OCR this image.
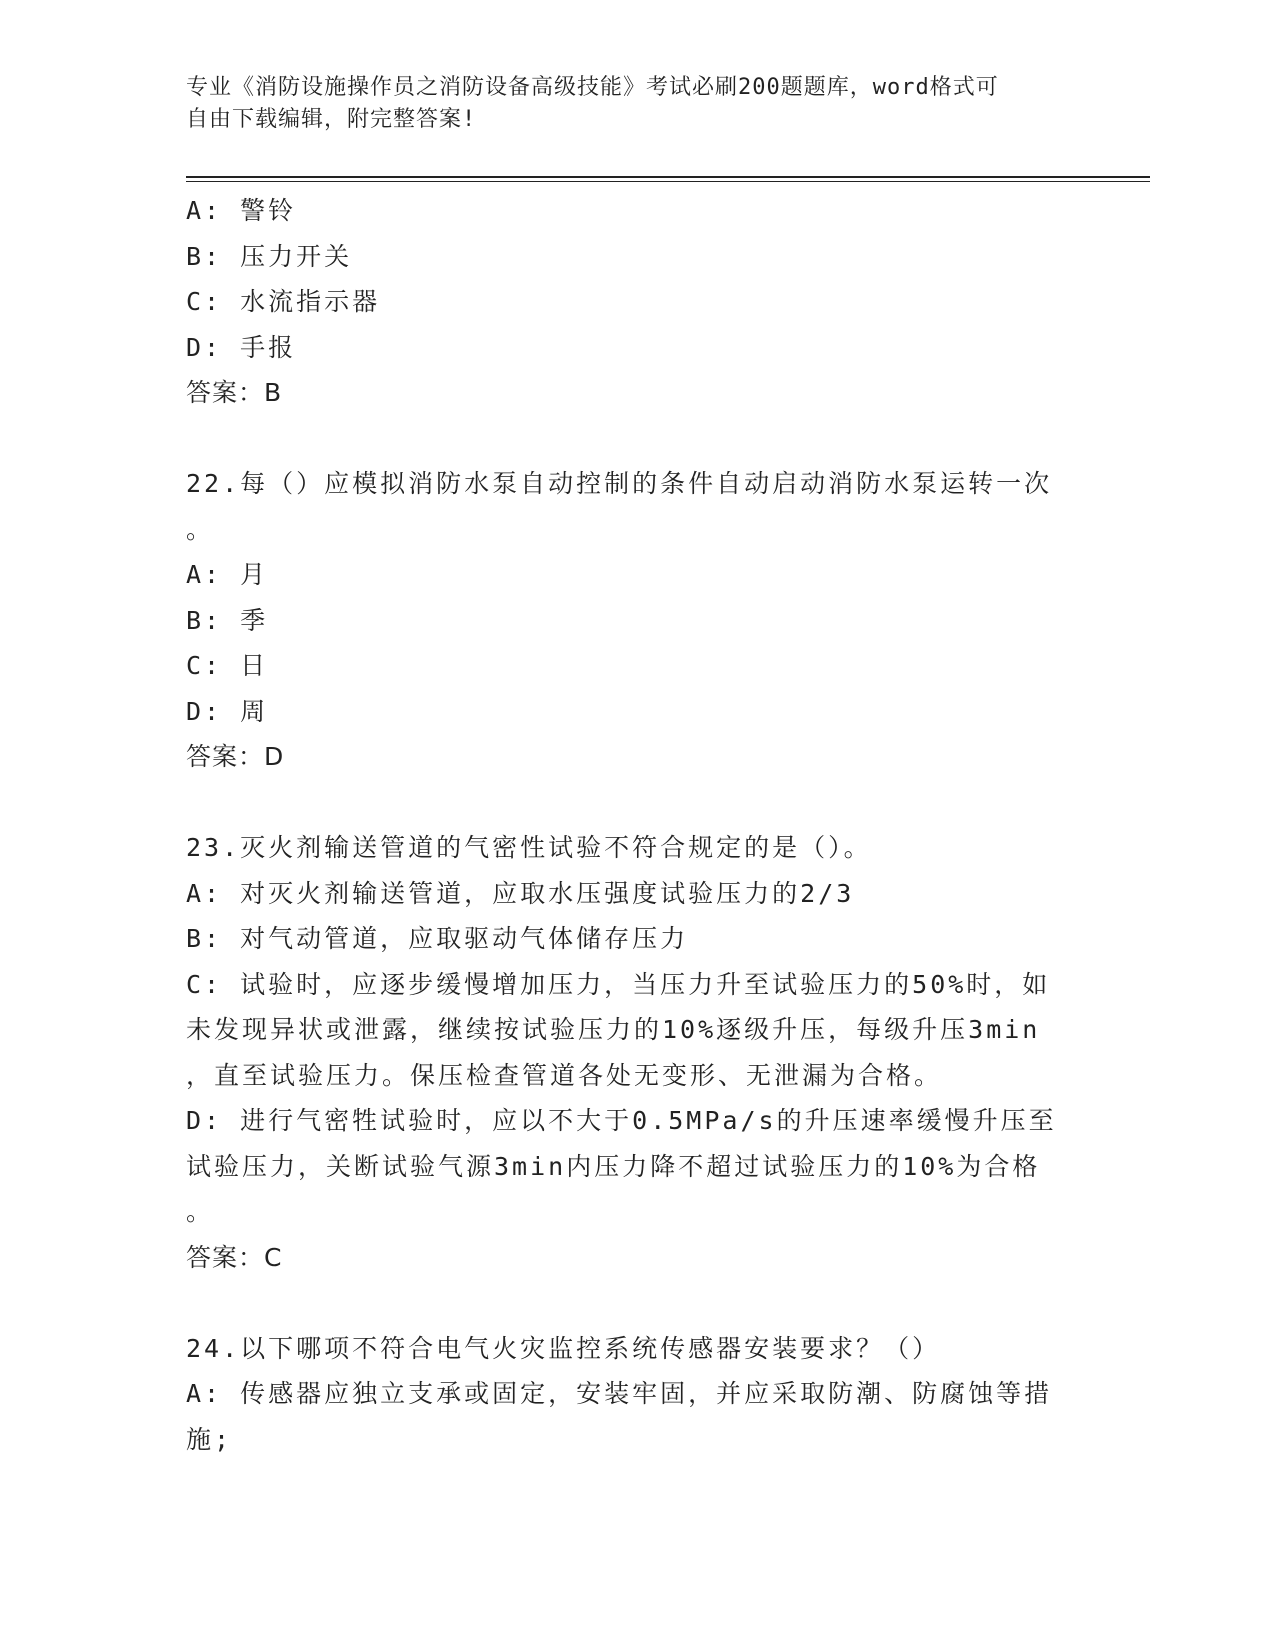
专业《消防设施操作员之消防设备高级技能》考试必刷200题题库，word格式可
自由下载编辑，附完整答案!
A: 警铃
B: 压力开关
C: 水流指示器
D: 手报
答案：B
22.每（）应模拟消防水泵自动控制的条件自动启动消防水泵运转一次
。
A: 月
B: 季
C: 日
D: 周
答案：D
23.灭火剂输送管道的气密性试验不符合规定的是（）。
A: 对灭火剂输送管道，应取水压强度试验压力的2/3
B: 对气动管道，应取驱动气体储存压力
C: 试验时，应逐步缓慢增加压力，当压力升至试验压力的50%时，如
未发现异状或泄露，继续按试验压力的10%逐级升压，每级升压3min
，直至试验压力。保压检查管道各处无变形、无泄漏为合格。
D: 进行气密牲试验时，应以不大于0.5MPa/s的升压速率缓慢升压至
试验压力，关断试验气源3min内压力降不超过试验压力的10%为合格
。
答案：C
24.以下哪项不符合电气火灾监控系统传感器安装要求？（）
A: 传感器应独立支承或固定，安装牢固，并应采取防潮、防腐蚀等措
施;
